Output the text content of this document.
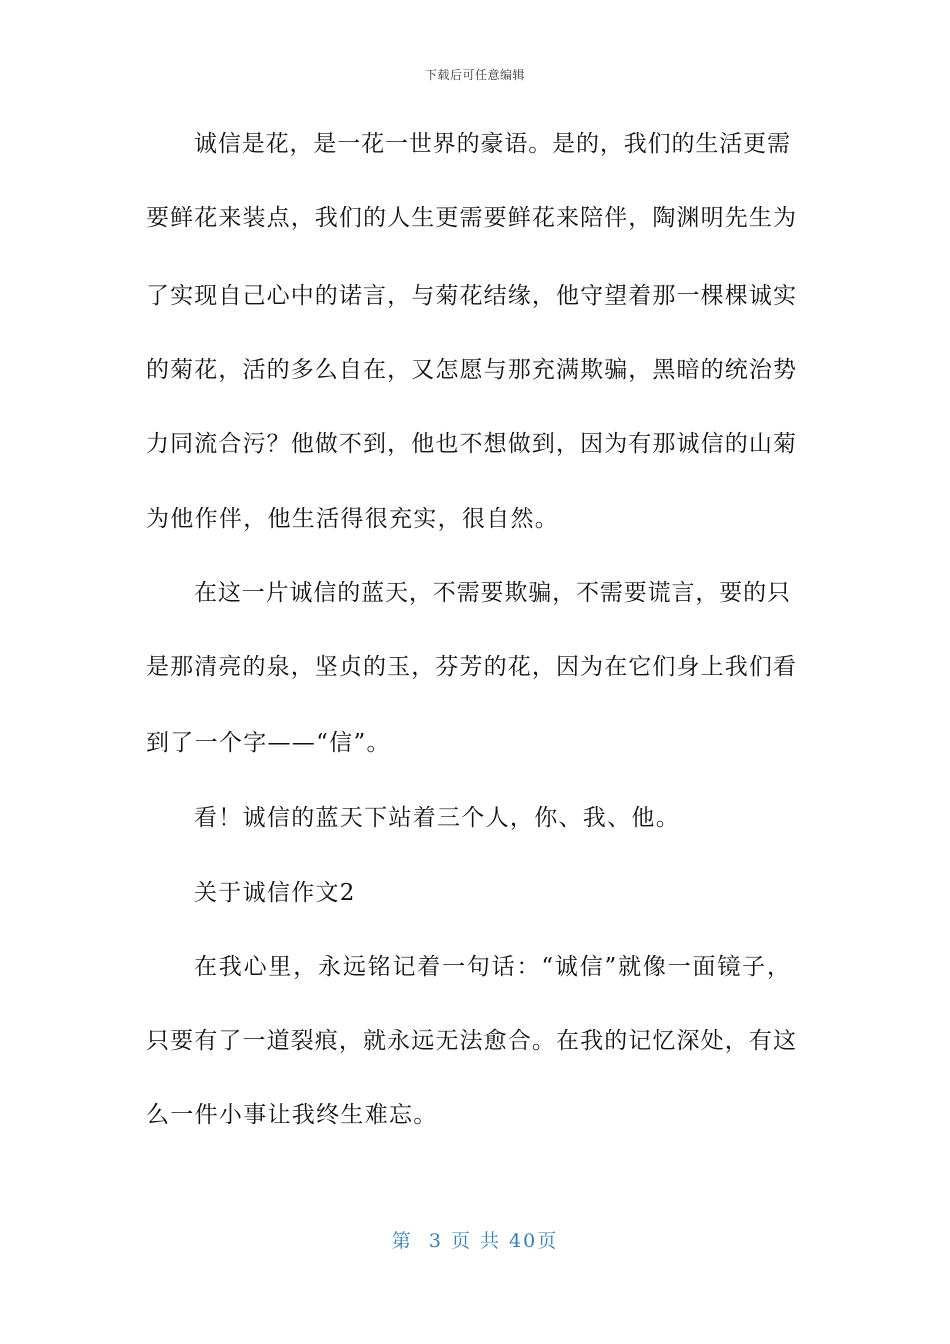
下载后可任意编辑
诚信是花，是一花一世界的豪语。是的，我们的生活更需
要鲜花来装点，我们的人生更需要鲜花来陪伴，陶渊明先生为
了实现自己心中的诺言，与菊花结缘，他守望着那一棵棵诚实
的菊花，活的多么自在，又怎愿与那充满欺骗，黑暗的统治势
力同流合污？他做不到，他也不想做到，因为有那诚信的山菊
为他作伴，他生活得很充实，很自然。
在这一片诚信的蓝天，不需要欺骗，不需要谎言，要的只
是那清亮的泉，坚贞的玉，芬芳的花，因为在它们身上我们看
到了一个字——“信”。
看！诚信的蓝天下站着三个人，你、我、他。
关于诚信作文2
在我心里，永远铭记着一句话：“诚信”就像一面镜子，
只要有了一道裂痕，就永远无法愈合。在我的记忆深处，有这
么一件小事让我终生难忘。
第  3 页 共 40页
